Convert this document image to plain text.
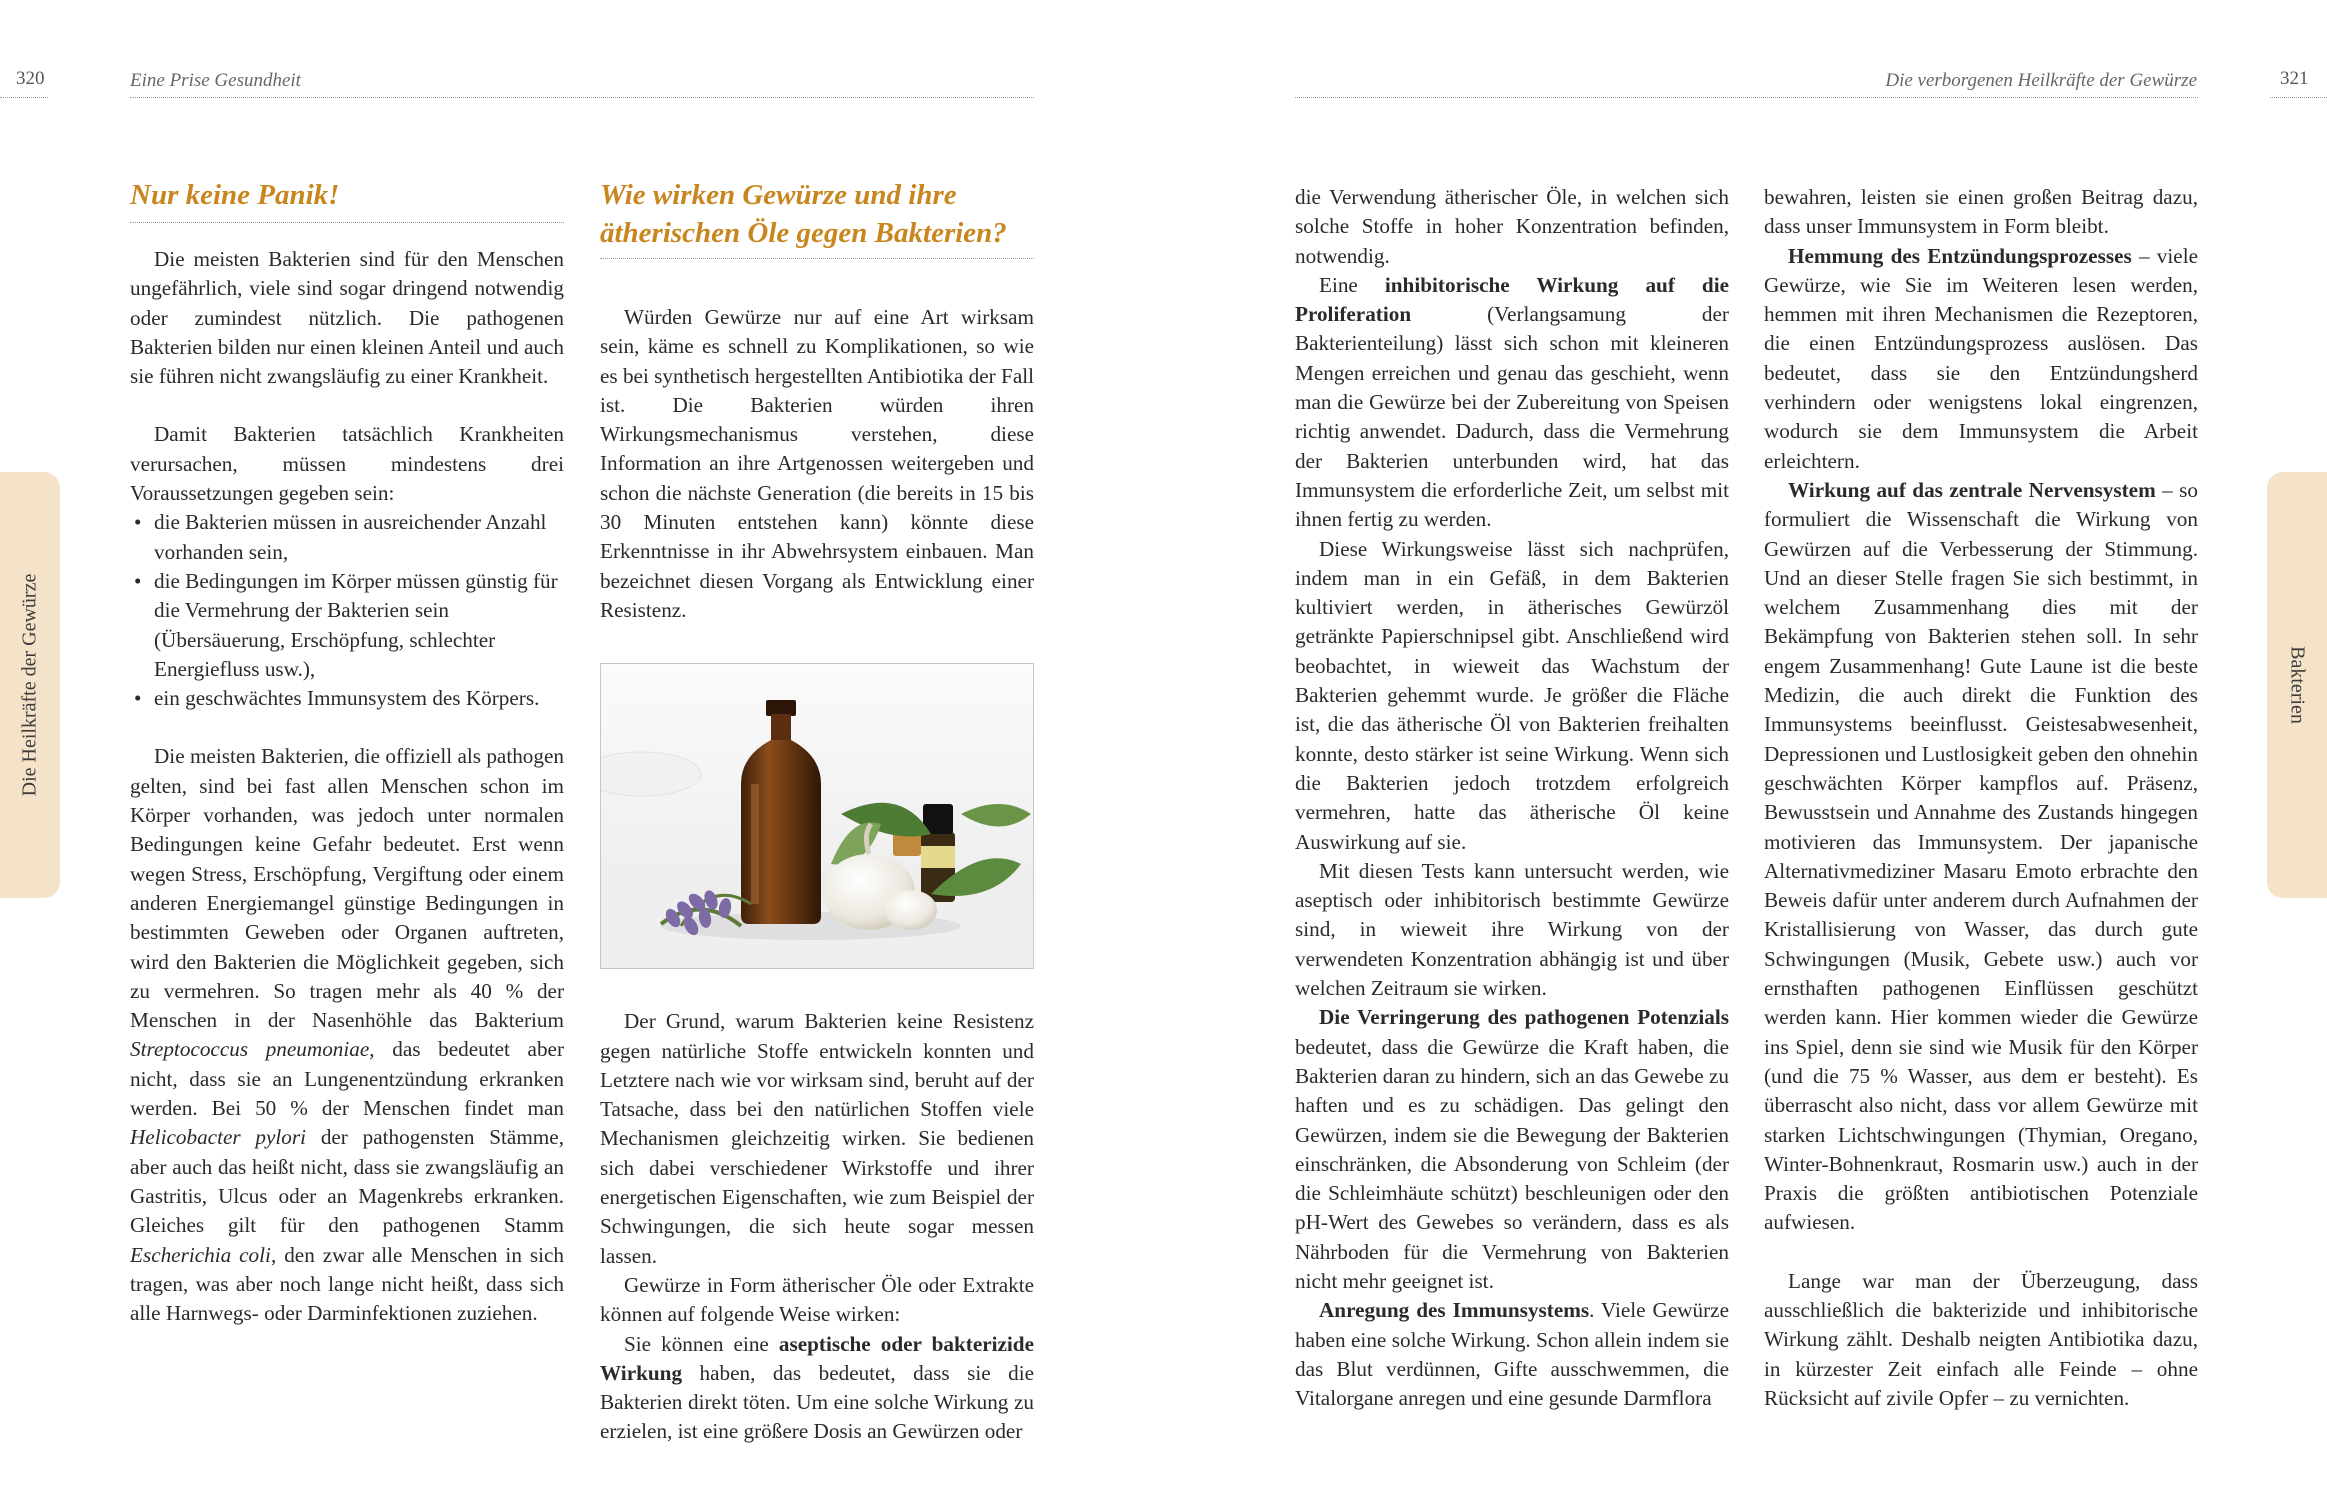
320	Eine Prise Gesundheit	Die verborgenen Heilkräfte der Gewürze	321
Die Heilkräfte der Gewürze	Bakterien
Nur keine Panik!

Die meisten Bakterien sind für den Menschen ungefährlich, viele sind sogar dringend notwendig oder zumindest nützlich. Die pathogenen Bakterien bilden nur einen kleinen Anteil und auch sie führen nicht zwangsläufig zu einer Krankheit.

Damit Bakterien tatsächlich Krankheiten verursachen, müssen mindestens drei Voraussetzungen gegeben sein:

• die Bakterien müssen in ausreichender Anzahl vorhanden sein,
• die Bedingungen im Körper müssen günstig für die Vermehrung der Bakterien sein (Übersäuerung, Erschöpfung, schlechter Energiefluss usw.),
• ein geschwächtes Immunsystem des Körpers.

Die meisten Bakterien, die offiziell als pathogen gelten, sind bei fast allen Menschen schon im Körper vorhanden, was jedoch unter normalen Bedingungen keine Gefahr bedeutet. Erst wenn wegen Stress, Erschöpfung, Vergiftung oder einem anderen Energiemangel günstige Bedingungen in bestimmten Geweben oder Organen auftreten, wird den Bakterien die Möglichkeit gegeben, sich zu vermehren. So tragen mehr als 40 % der Menschen in der Nasenhöhle das Bakterium Streptococcus pneumoniae, das bedeutet aber nicht, dass sie an Lungenentzündung erkranken werden. Bei 50 % der Menschen findet man Helicobacter pylori der pathogensten Stämme, aber auch das heißt nicht, dass sie zwangsläufig an Gastritis, Ulcus oder an Magenkrebs erkranken. Gleiches gilt für den pathogenen Stamm Escherichia coli, den zwar alle Menschen in sich tragen, was aber noch lange nicht heißt, dass sich alle Harnwegs- oder Darminfektionen zuziehen.

Wie wirken Gewürze und ihre ätherischen Öle gegen Bakterien?

Würden Gewürze nur auf eine Art wirksam sein, käme es schnell zu Komplikationen, so wie es bei synthetisch hergestellten Antibiotika der Fall ist. Die Bakterien würden ihren Wirkungsmechanismus verstehen, diese Information an ihre Artgenossen weitergeben und schon die nächste Generation (die bereits in 15 bis 30 Minuten entstehen kann) könnte diese Erkenntnisse in ihr Abwehrsystem einbauen. Man bezeichnet diesen Vorgang als Entwicklung einer Resistenz.

Der Grund, warum Bakterien keine Resistenz gegen natürliche Stoffe entwickeln konnten und Letztere nach wie vor wirksam sind, beruht auf der Tatsache, dass bei den natürlichen Stoffen viele Mechanismen gleichzeitig wirken. Sie bedienen sich dabei verschiedener Wirkstoffe und ihrer energetischen Eigenschaften, wie zum Beispiel der Schwingungen, die sich heute sogar messen lassen.

Gewürze in Form ätherischer Öle oder Extrakte können auf folgende Weise wirken:

Sie können eine aseptische oder bakterizide Wirkung haben, das bedeutet, dass sie die Bakterien direkt töten. Um eine solche Wirkung zu erzielen, ist eine größere Dosis an Gewürzen oder

die Verwendung ätherischer Öle, in welchen sich solche Stoffe in hoher Konzentration befinden, notwendig.

Eine inhibitorische Wirkung auf die Proliferation (Verlangsamung der Bakterienteilung) lässt sich schon mit kleineren Mengen erreichen und genau das geschieht, wenn man die Gewürze bei der Zubereitung von Speisen richtig anwendet. Dadurch, dass die Vermehrung der Bakterien unterbunden wird, hat das Immunsystem die erforderliche Zeit, um selbst mit ihnen fertig zu werden.

Diese Wirkungsweise lässt sich nachprüfen, indem man in ein Gefäß, in dem Bakterien kultiviert werden, in ätherisches Gewürzöl getränkte Papierschnipsel gibt. Anschließend wird beobachtet, in wieweit das Wachstum der Bakterien gehemmt wurde. Je größer die Fläche ist, die das ätherische Öl von Bakterien freihalten konnte, desto stärker ist seine Wirkung. Wenn sich die Bakterien jedoch trotzdem erfolgreich vermehren, hatte das ätherische Öl keine Auswirkung auf sie.

Mit diesen Tests kann untersucht werden, wie aseptisch oder inhibitorisch bestimmte Gewürze sind, in wieweit ihre Wirkung von der verwendeten Konzentration abhängig ist und über welchen Zeitraum sie wirken.

Die Verringerung des pathogenen Potenzials bedeutet, dass die Gewürze die Kraft haben, die Bakterien daran zu hindern, sich an das Gewebe zu haften und es zu schädigen. Das gelingt den Gewürzen, indem sie die Bewegung der Bakterien einschränken, die Absonderung von Schleim (der die Schleimhäute schützt) beschleunigen oder den pH-Wert des Gewebes so verändern, dass es als Nährboden für die Vermehrung von Bakterien nicht mehr geeignet ist.

Anregung des Immunsystems. Viele Gewürze haben eine solche Wirkung. Schon allein indem sie das Blut verdünnen, Gifte ausschwemmen, die Vitalorgane anregen und eine gesunde Darmflora

bewahren, leisten sie einen großen Beitrag dazu, dass unser Immunsystem in Form bleibt.

Hemmung des Entzündungsprozesses – viele Gewürze, wie Sie im Weiteren lesen werden, hemmen mit ihren Mechanismen die Rezeptoren, die einen Entzündungsprozess auslösen. Das bedeutet, dass sie den Entzündungsherd verhindern oder wenigstens lokal eingrenzen, wodurch sie dem Immunsystem die Arbeit erleichtern.

Wirkung auf das zentrale Nervensystem – so formuliert die Wissenschaft die Wirkung von Gewürzen auf die Verbesserung der Stimmung. Und an dieser Stelle fragen Sie sich bestimmt, in welchem Zusammenhang dies mit der Bekämpfung von Bakterien stehen soll. In sehr engem Zusammenhang! Gute Laune ist die beste Medizin, die auch direkt die Funktion des Immunsystems beeinflusst. Geistesabwesenheit, Depressionen und Lustlosigkeit geben den ohnehin geschwächten Körper kampflos auf. Präsenz, Bewusstsein und Annahme des Zustands hingegen motivieren das Immunsystem. Der japanische Alternativmediziner Masaru Emoto erbrachte den Beweis dafür unter anderem durch Aufnahmen der Kristallisierung von Wasser, das durch gute Schwingungen (Musik, Gebete usw.) auch vor ernsthaften pathogenen Einflüssen geschützt werden kann. Hier kommen wieder die Gewürze ins Spiel, denn sie sind wie Musik für den Körper (und die 75 % Wasser, aus dem er besteht). Es überrascht also nicht, dass vor allem Gewürze mit starken Lichtschwingungen (Thymian, Oregano, Winter-Bohnenkraut, Rosmarin usw.) auch in der Praxis die größten antibiotischen Potenziale aufwiesen.

Lange war man der Überzeugung, dass ausschließlich die bakterizide und inhibitorische Wirkung zählt. Deshalb neigten Antibiotika dazu, in kürzester Zeit einfach alle Feinde – ohne Rücksicht auf zivile Opfer – zu vernichten.
